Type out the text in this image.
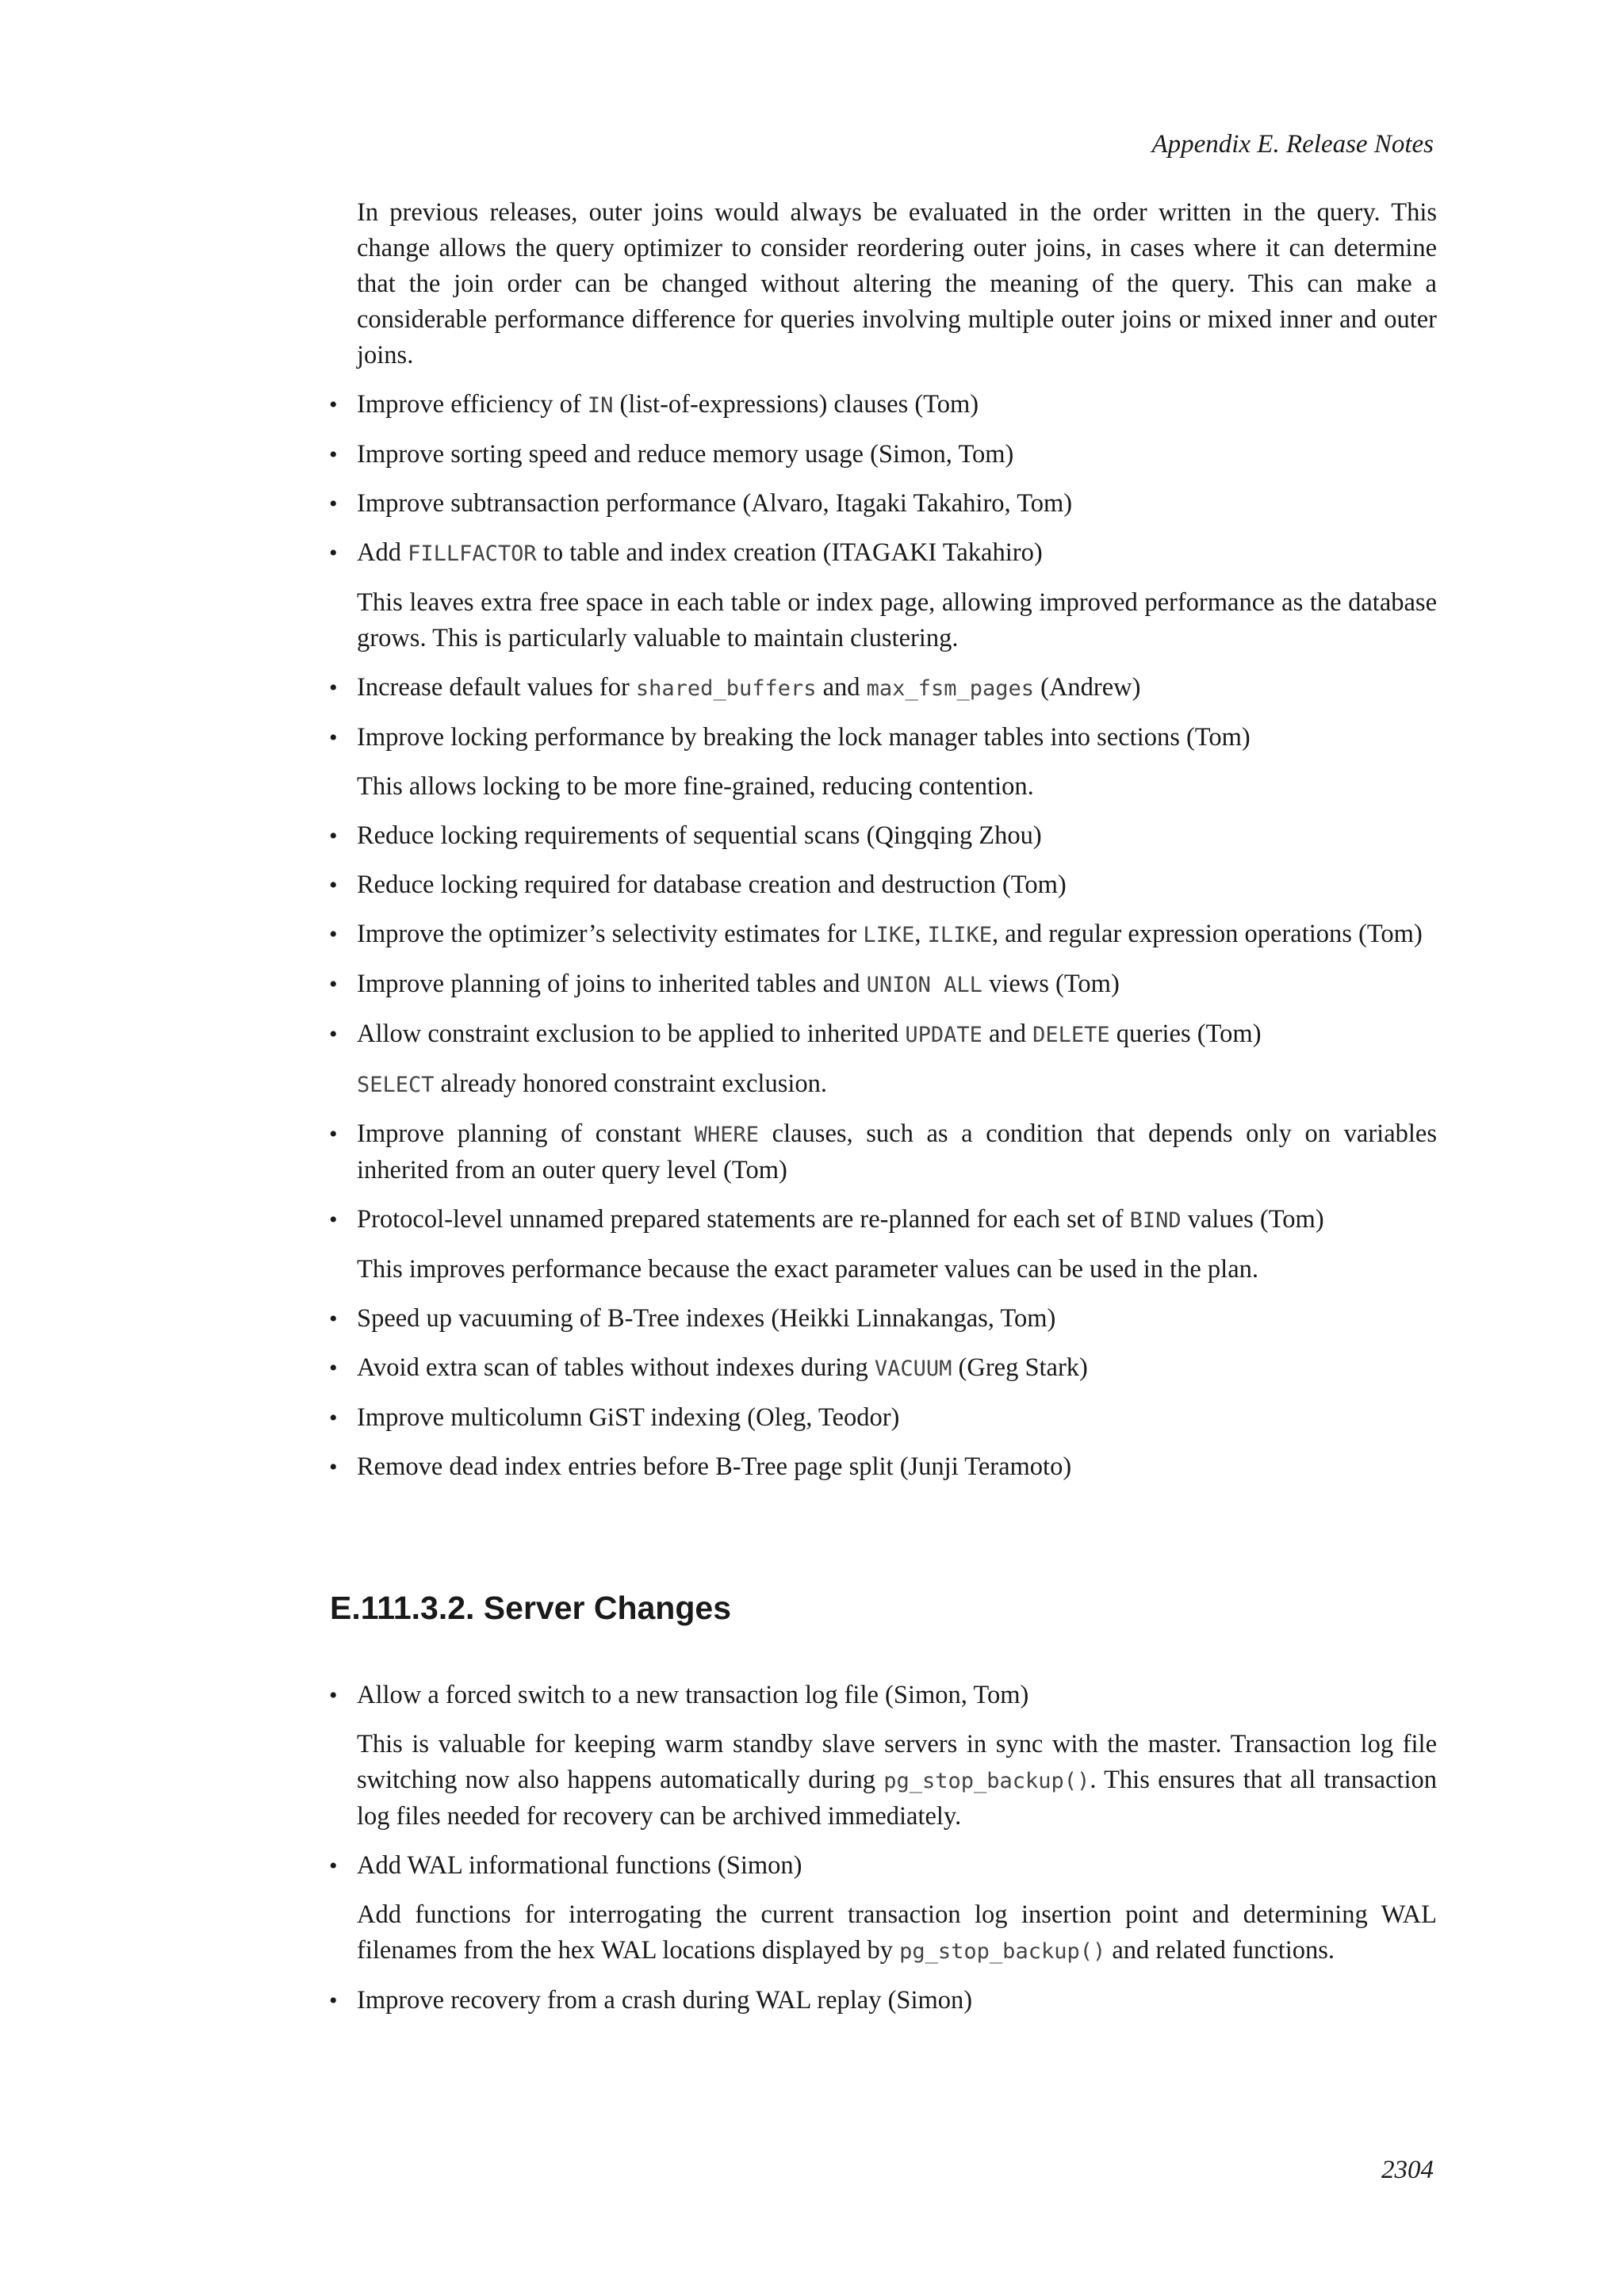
Appendix E. Release Notes

In previous releases, outer joins would always be evaluated in the order written in the query. This change allows the query optimizer to consider reordering outer joins, in cases where it can determine that the join order can be changed without altering the meaning of the query. This can make a considerable performance difference for queries involving multiple outer joins or mixed inner and outer joins.

• Improve efficiency of IN (list-of-expressions) clauses (Tom)

• Improve sorting speed and reduce memory usage (Simon, Tom)

• Improve subtransaction performance (Alvaro, Itagaki Takahiro, Tom)

• Add FILLFACTOR to table and index creation (ITAGAKI Takahiro)

This leaves extra free space in each table or index page, allowing improved performance as the database grows. This is particularly valuable to maintain clustering.

• Increase default values for shared_buffers and max_fsm_pages (Andrew)

• Improve locking performance by breaking the lock manager tables into sections (Tom)

This allows locking to be more fine-grained, reducing contention.

• Reduce locking requirements of sequential scans (Qingqing Zhou)

• Reduce locking required for database creation and destruction (Tom)

• Improve the optimizer’s selectivity estimates for LIKE, ILIKE, and regular expression operations (Tom)

• Improve planning of joins to inherited tables and UNION ALL views (Tom)

• Allow constraint exclusion to be applied to inherited UPDATE and DELETE queries (Tom)

SELECT already honored constraint exclusion.

• Improve planning of constant WHERE clauses, such as a condition that depends only on variables inherited from an outer query level (Tom)

• Protocol-level unnamed prepared statements are re-planned for each set of BIND values (Tom)

This improves performance because the exact parameter values can be used in the plan.

• Speed up vacuuming of B-Tree indexes (Heikki Linnakangas, Tom)

• Avoid extra scan of tables without indexes during VACUUM (Greg Stark)

• Improve multicolumn GiST indexing (Oleg, Teodor)

• Remove dead index entries before B-Tree page split (Junji Teramoto)

E.111.3.2. Server Changes
• Allow a forced switch to a new transaction log file (Simon, Tom)

This is valuable for keeping warm standby slave servers in sync with the master. Transaction log file switching now also happens automatically during pg_stop_backup(). This ensures that all transaction log files needed for recovery can be archived immediately.

• Add WAL informational functions (Simon)

Add functions for interrogating the current transaction log insertion point and determining WAL filenames from the hex WAL locations displayed by pg_stop_backup() and related functions.

• Improve recovery from a crash during WAL replay (Simon)

2304
